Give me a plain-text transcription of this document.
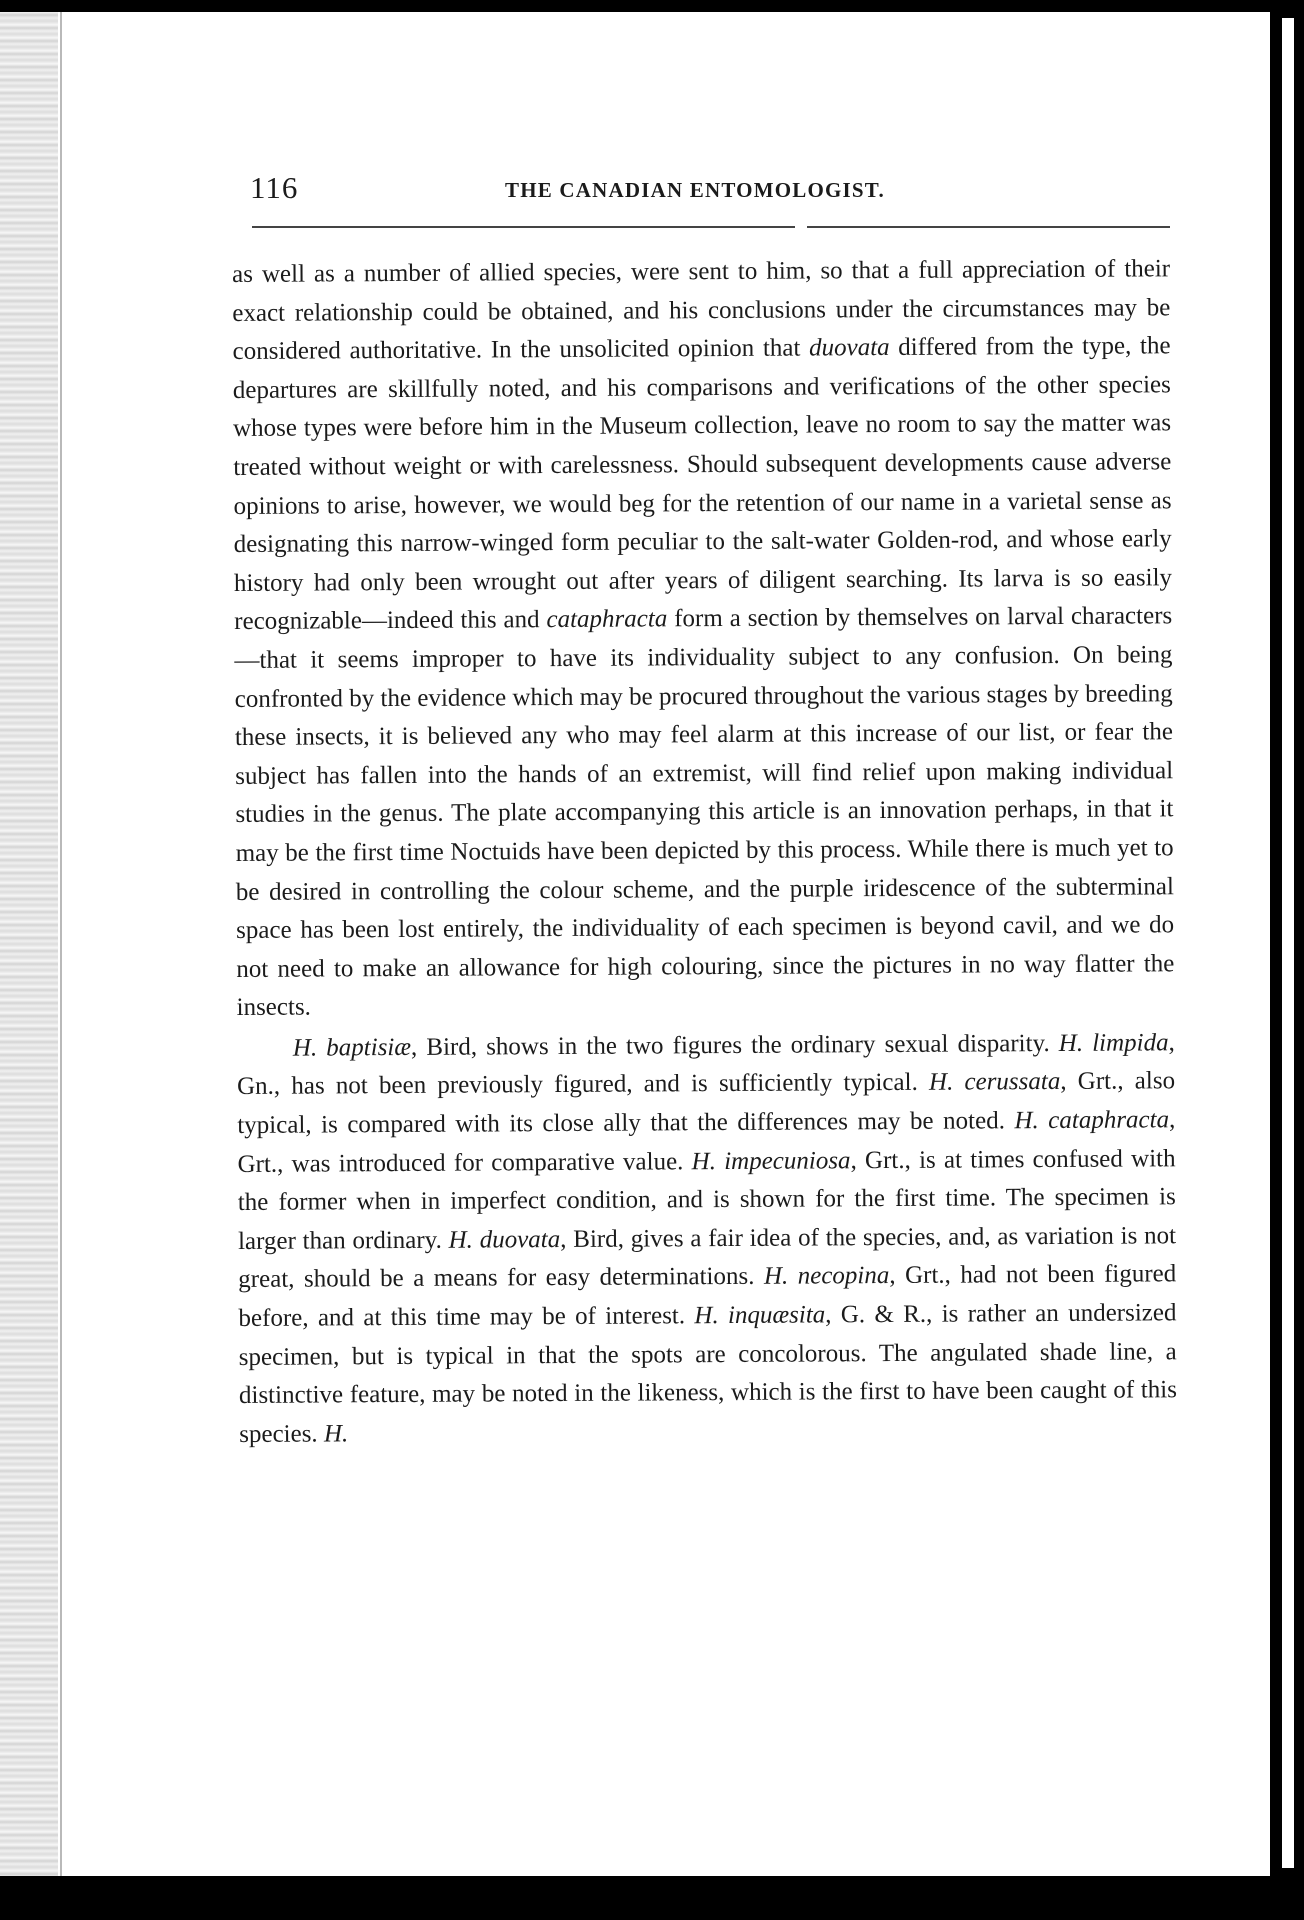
116	THE CANADIAN ENTOMOLOGIST.

as well as a number of allied species, were sent to him, so that a full appreciation of their exact relationship could be obtained, and his conclusions under the circumstances may be considered authoritative. In the unsolicited opinion that duovata differed from the type, the departures are skillfully noted, and his comparisons and verifications of the other species whose types were before him in the Museum collection, leave no room to say the matter was treated without weight or with carelessness. Should subsequent developments cause adverse opinions to arise, however, we would beg for the retention of our name in a varietal sense as designating this narrow-winged form peculiar to the salt-water Golden-rod, and whose early history had only been wrought out after years of diligent searching. Its larva is so easily recognizable—indeed this and cataphracta form a section by themselves on larval characters—that it seems improper to have its individuality subject to any confusion. On being confronted by the evidence which may be procured throughout the various stages by breeding these insects, it is believed any who may feel alarm at this increase of our list, or fear the subject has fallen into the hands of an extremist, will find relief upon making individual studies in the genus. The plate accompanying this article is an innovation perhaps, in that it may be the first time Noctuids have been depicted by this process. While there is much yet to be desired in controlling the colour scheme, and the purple iridescence of the subterminal space has been lost entirely, the individuality of each specimen is beyond cavil, and we do not need to make an allowance for high colouring, since the pictures in no way flatter the insects.

H. baptisiæ, Bird, shows in the two figures the ordinary sexual disparity. H. limpida, Gn., has not been previously figured, and is sufficiently typical. H. cerussata, Grt., also typical, is compared with its close ally that the differences may be noted. H. cataphracta, Grt., was introduced for comparative value. H. impecuniosa, Grt., is at times confused with the former when in imperfect condition, and is shown for the first time. The specimen is larger than ordinary. H. duovata, Bird, gives a fair idea of the species, and, as variation is not great, should be a means for easy determinations. H. necopina, Grt., had not been figured before, and at this time may be of interest. H. inquæsita, G. & R., is rather an undersized specimen, but is typical in that the spots are concolorous. The angulated shade line, a distinctive feature, may be noted in the likeness, which is the first to have been caught of this species. H.
